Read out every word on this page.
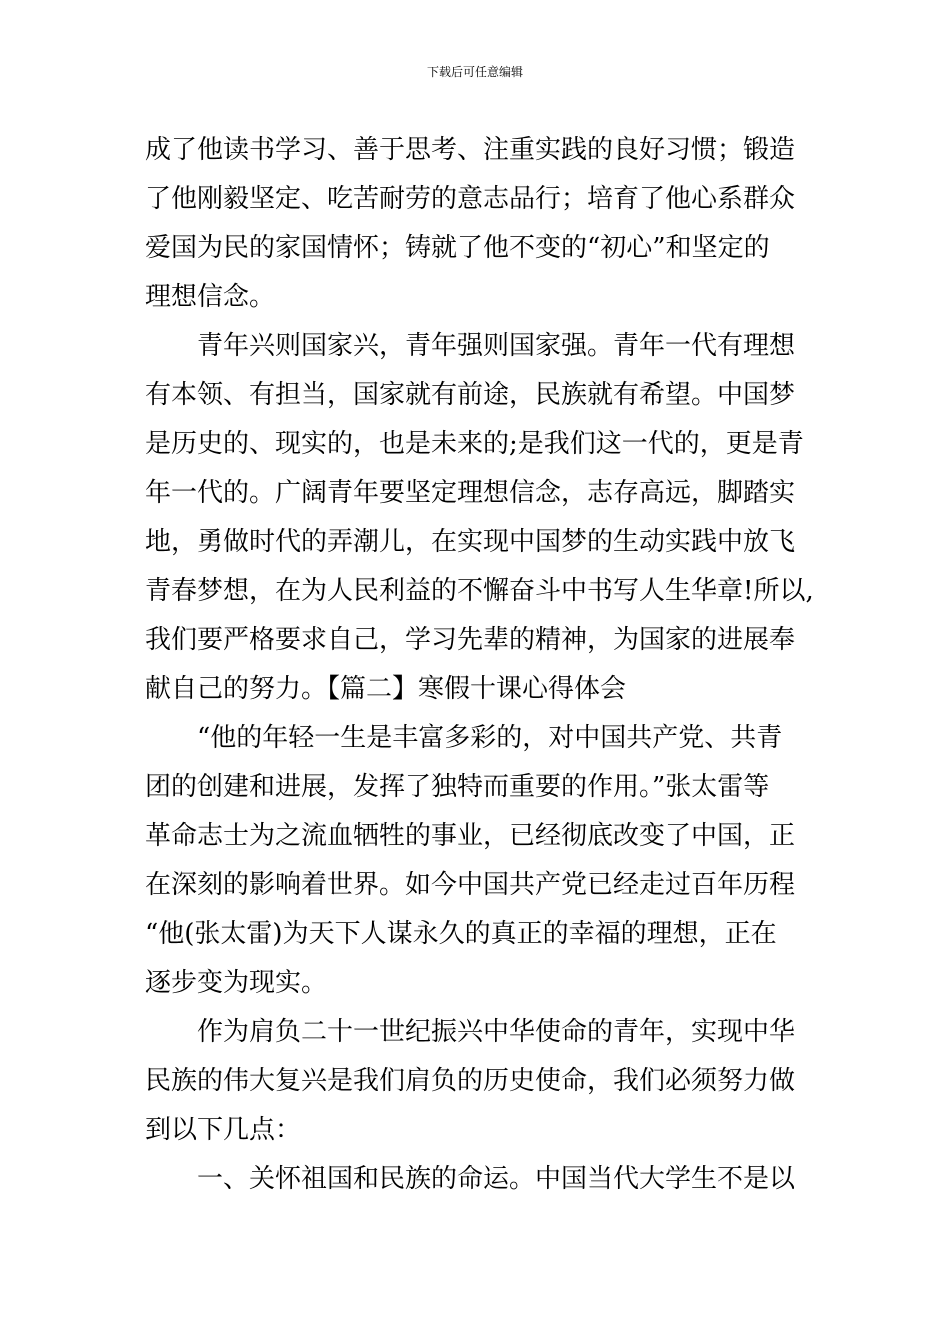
下载后可任意编辑
成了他读书学习、善于思考、注重实践的良好习惯；锻造
了他刚毅坚定、吃苦耐劳的意志品行；培育了他心系群众
爱国为民的家国情怀；铸就了他不变的“初心”和坚定的
理想信念。
　　青年兴则国家兴，青年强则国家强。青年一代有理想
有本领、有担当，国家就有前途，民族就有希望。中国梦
是历史的、现实的，也是未来的;是我们这一代的，更是青
年一代的。广阔青年要坚定理想信念，志存高远，脚踏实
地，勇做时代的弄潮儿，在实现中国梦的生动实践中放飞
青春梦想，在为人民利益的不懈奋斗中书写人生华章!所以,
我们要严格要求自己，学习先辈的精神，为国家的进展奉
献自己的努力。【篇二】寒假十课心得体会
　　“他的年轻一生是丰富多彩的，对中国共产党、共青
团的创建和进展，发挥了独特而重要的作用。”张太雷等
革命志士为之流血牺牲的事业，已经彻底改变了中国，正
在深刻的影响着世界。如今中国共产党已经走过百年历程
“他(张太雷)为天下人谋永久的真正的幸福的理想，正在
逐步变为现实。
　　作为肩负二十一世纪振兴中华使命的青年，实现中华
民族的伟大复兴是我们肩负的历史使命，我们必须努力做
到以下几点：
　　一、关怀祖国和民族的命运。中国当代大学生不是以
